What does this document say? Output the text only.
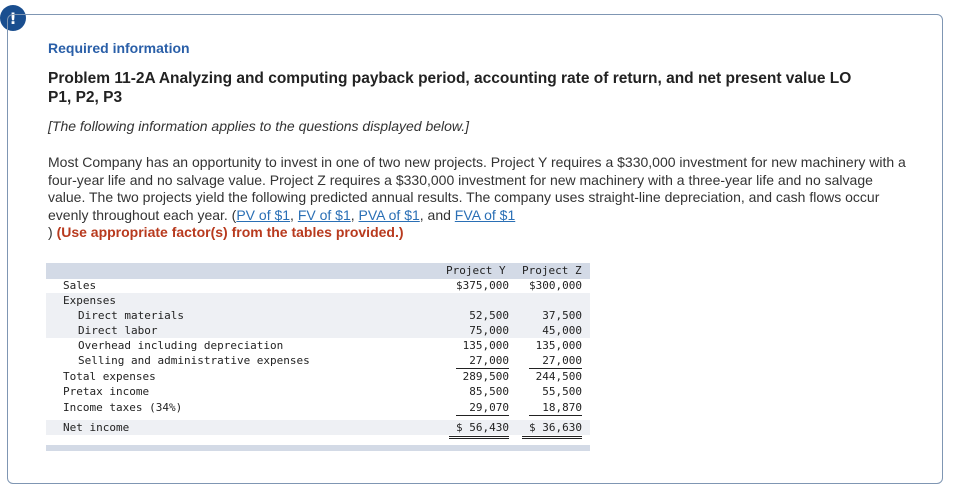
!
Required information
Problem 11-2A Analyzing and computing payback period, accounting rate of return, and net present value LO P1, P2, P3
[The following information applies to the questions displayed below.]
Most Company has an opportunity to invest in one of two new projects. Project Y requires a $330,000 investment for new machinery with a four-year life and no salvage value. Project Z requires a $330,000 investment for new machinery with a three-year life and no salvage value. The two projects yield the following predicted annual results. The company uses straight-line depreciation, and cash flows occur evenly throughout each year. (PV of $1, FV of $1, PVA of $1, and FVA of $1
) (Use appropriate factor(s) from the tables provided.)
Project Y Project Z
Sales	$375,000	$300,000
Expenses
Direct materials	52,500	37,500
Direct labor	75,000	45,000
Overhead including depreciation	135,000	135,000
Selling and administrative expenses	27,000	27,000
Total expenses	289,500	244,500
Pretax income	85,500	55,500
Income taxes (34%)	29,070	18,870
Net income	$ 56,430	$ 36,630
